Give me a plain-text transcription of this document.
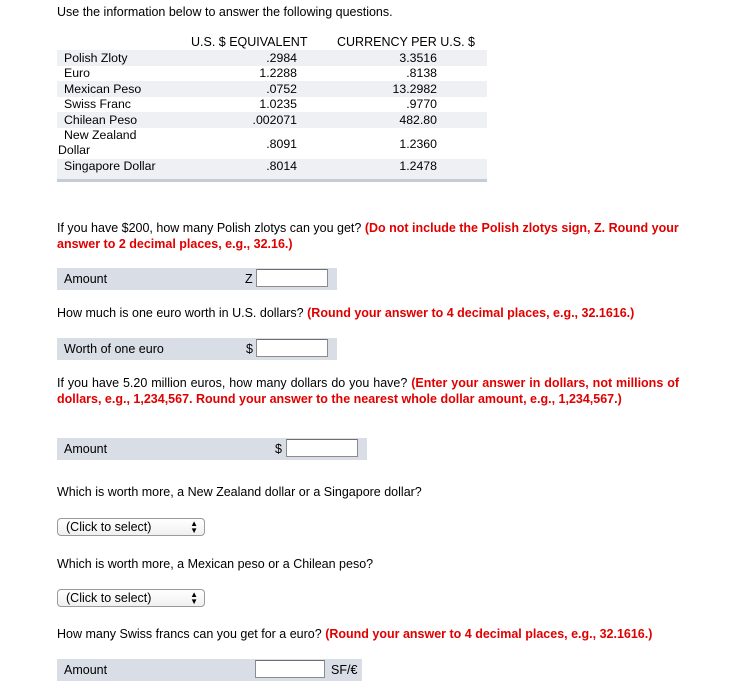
Use the information below to answer the following questions.
U.S. $ EQUIVALENT CURRENCY PER U.S. $
Polish Zloty	.2984	3.3516
Euro	1.2288	.8138
Mexican Peso	.0752	13.2982
Swiss Franc	1.0235	.9770
Chilean Peso	.002071	482.80
New Zealand
Dollar	.8091	1.2360
Singapore Dollar	.8014	1.2478
If you have $200, how many Polish zlotys can you get? (Do not include the Polish zlotys sign, Z. Round your answer to 2 decimal places, e.g., 32.16.)
Amount	Z
How much is one euro worth in U.S. dollars? (Round your answer to 4 decimal places, e.g., 32.1616.)
Worth of one euro	$
If you have 5.20 million euros, how many dollars do you have? (Enter your answer in dollars, not millions of dollars, e.g., 1,234,567. Round your answer to the nearest whole dollar amount, e.g., 1,234,567.)
Amount	$
Which is worth more, a New Zealand dollar or a Singapore dollar?
(Click to select)	▲
▼
Which is worth more, a Mexican peso or a Chilean peso?
(Click to select)	▲
▼
How many Swiss francs can you get for a euro? (Round your answer to 4 decimal places, e.g., 32.1616.)
Amount	SF/€
